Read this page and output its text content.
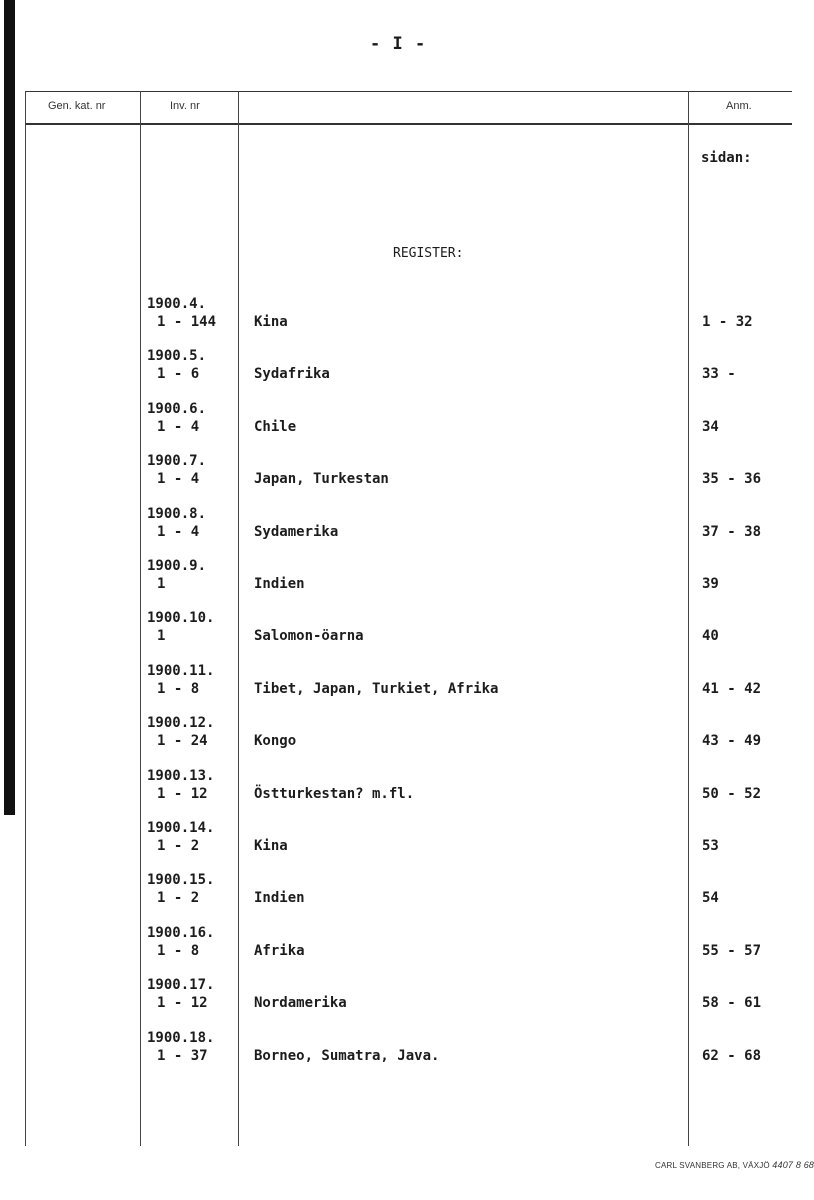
- I -
Gen. kat. nr	Inv. nr	Anm.
sidan:
REGISTER:
1900.4.
1 - 144	Kina	1 - 32
1900.5.
1 - 6	Sydafrika	33 -
1900.6.
1 - 4	Chile	34
1900.7.
1 - 4	Japan, Turkestan	35 - 36
1900.8.
1 - 4	Sydamerika	37 - 38
1900.9.
1	Indien	39
1900.10.
1	Salomon-öarna	40
1900.11.
1 - 8	Tibet, Japan, Turkiet, Afrika	41 - 42
1900.12.
1 - 24	Kongo	43 - 49
1900.13.
1 - 12	Östturkestan? m.fl.	50 - 52
1900.14.
1 - 2	Kina	53
1900.15.
1 - 2	Indien	54
1900.16.
1 - 8	Afrika	55 - 57
1900.17.
1 - 12	Nordamerika	58 - 61
1900.18.
1 - 37	Borneo, Sumatra, Java.	62 - 68
CARL SVANBERG AB, VÄXJÖ 4407 8 68
